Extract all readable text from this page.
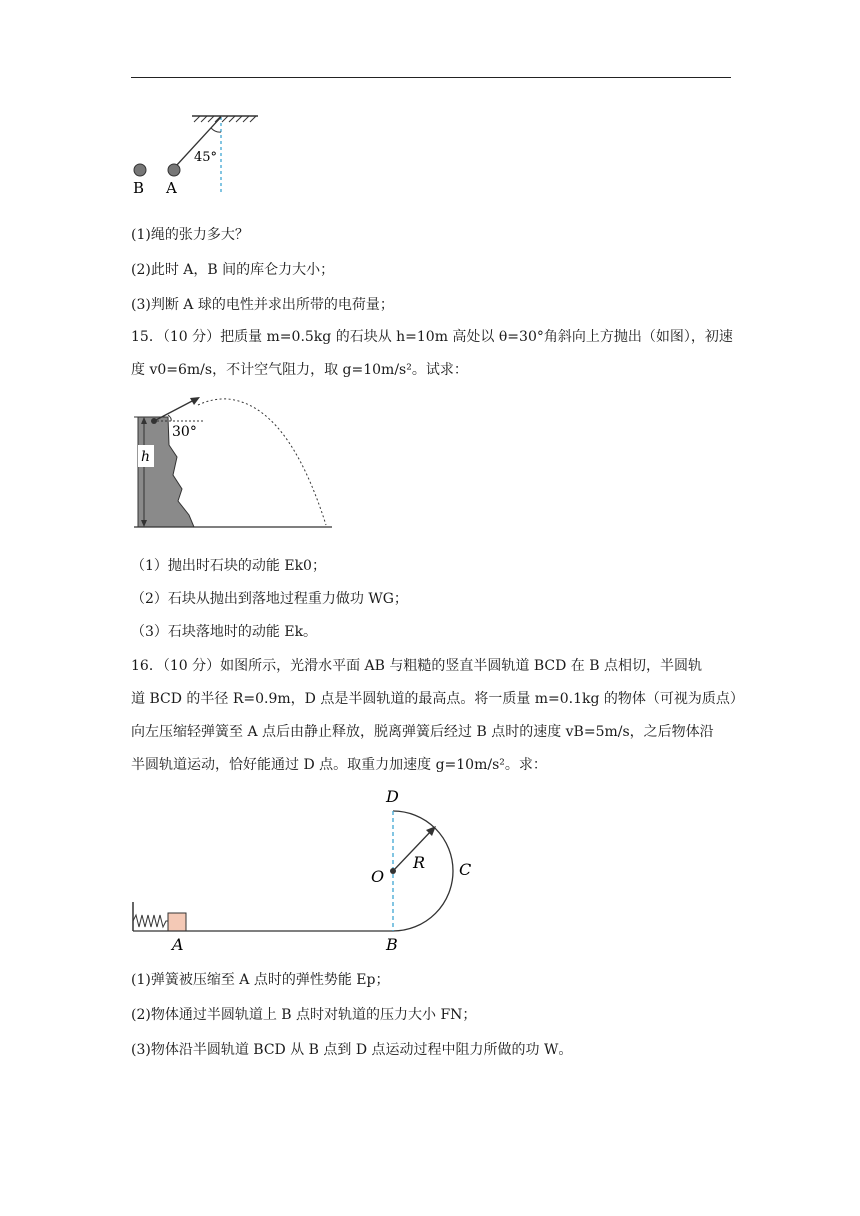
45°
B A
(1)绳的张力多大？
(2)此时 A，B 间的库仑力大小；
(3)判断 A 球的电性并求出所带的电荷量；
15．（10 分）把质量 m=0.5kg 的石块从 h=10m 高处以 θ=30°角斜向上方抛出（如图），初速
度 v0=6m/s，不计空气阻力，取 g=10m/s²。试求：
h
30°
（1）抛出时石块的动能 Ek0；
（2）石块从抛出到落地过程重力做功 WG；
（3）石块落地时的动能 Ek。
16．（10 分）如图所示，光滑水平面 AB 与粗糙的竖直半圆轨道 BCD 在 B 点相切，半圆轨
道 BCD 的半径 R=0.9m，D 点是半圆轨道的最高点。将一质量 m=0.1kg 的物体（可视为质点）
向左压缩轻弹簧至 A 点后由静止释放，脱离弹簧后经过 B 点时的速度 vB=5m/s，之后物体沿
半圆轨道运动，恰好能通过 D 点。取重力加速度 g=10m/s²。求：
D
R
O	C
A	B
(1)弹簧被压缩至 A 点时的弹性势能 Ep；
(2)物体通过半圆轨道上 B 点时对轨道的压力大小 FN；
(3)物体沿半圆轨道 BCD 从 B 点到 D 点运动过程中阻力所做的功 W。
